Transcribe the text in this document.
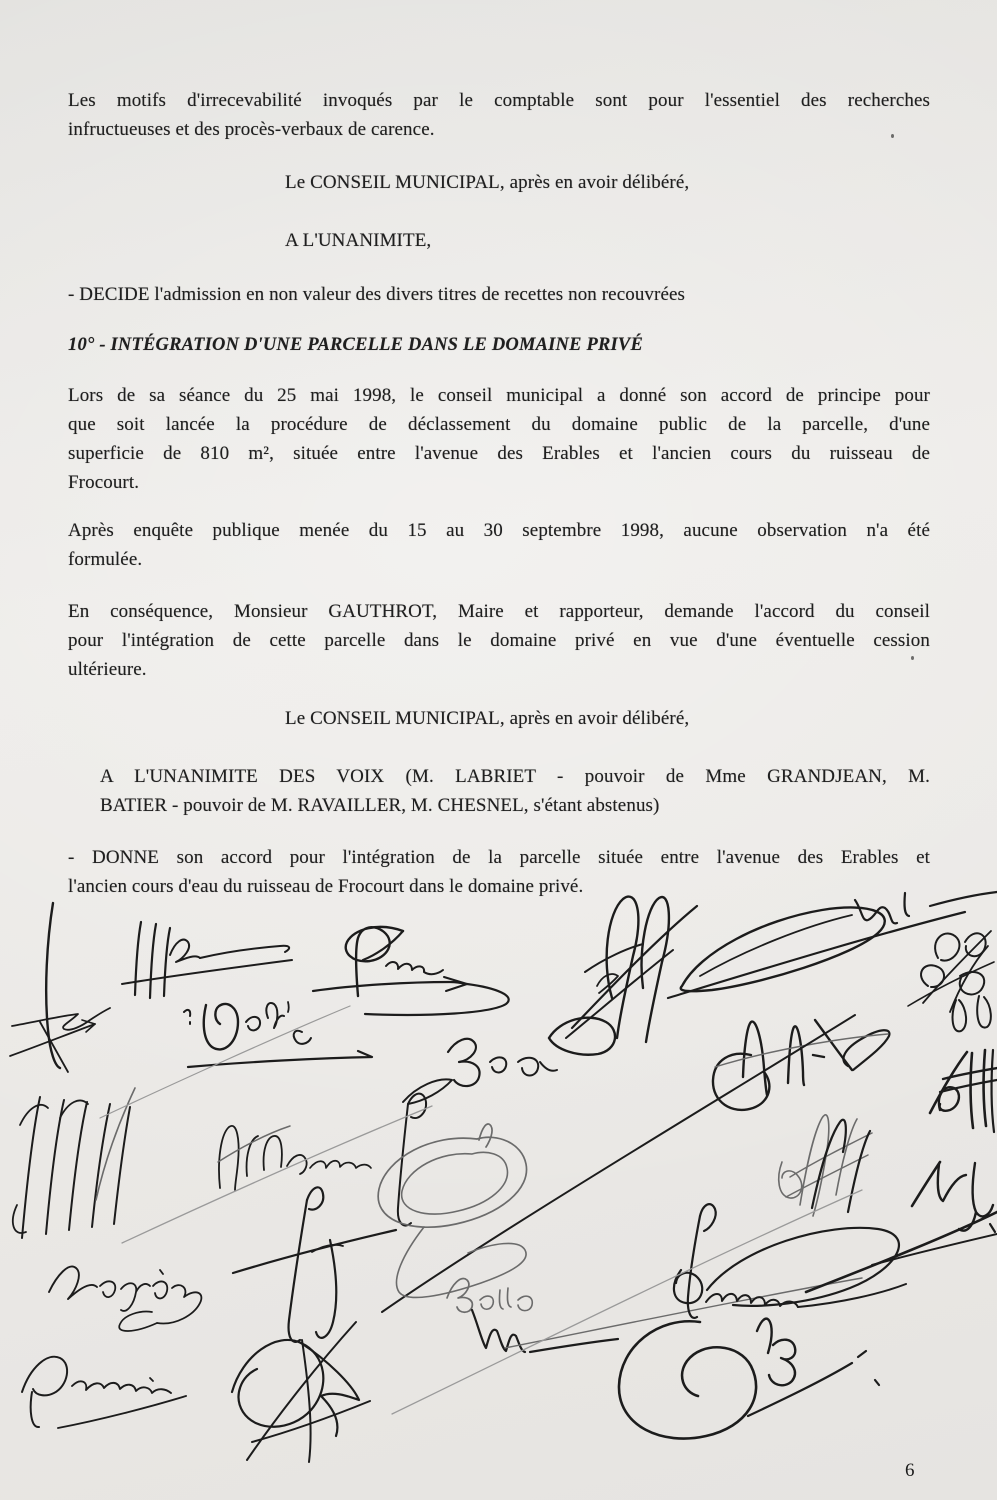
Les motifs d'irrecevabilité invoqués par le comptable sont pour l'essentiel des recherches
infructueuses et des procès-verbaux de carence.
Le CONSEIL MUNICIPAL, après en avoir délibéré,
A L'UNANIMITE,
- DECIDE l'admission en non valeur des divers titres de recettes non recouvrées
10° - INTÉGRATION D'UNE PARCELLE DANS LE DOMAINE PRIVÉ
Lors de sa séance du 25 mai 1998, le conseil municipal a donné son accord de principe pour
que soit lancée la procédure de déclassement du domaine public de la parcelle, d'une
superficie de 810 m², située entre l'avenue des Erables et l'ancien cours du ruisseau de
Frocourt.
Après enquête publique menée du 15 au 30 septembre 1998, aucune observation n'a été
formulée.
En conséquence, Monsieur GAUTHROT, Maire et rapporteur, demande l'accord du conseil
pour l'intégration de cette parcelle dans le domaine privé en vue d'une éventuelle cession
ultérieure.
Le CONSEIL MUNICIPAL, après en avoir délibéré,
A L'UNANIMITE DES VOIX (M. LABRIET - pouvoir de Mme GRANDJEAN, M.
BATIER - pouvoir de M. RAVAILLER, M. CHESNEL, s'étant abstenus)
- DONNE son accord pour l'intégration de la parcelle située entre l'avenue des Erables et
l'ancien cours d'eau du ruisseau de Frocourt dans le domaine privé.
6
